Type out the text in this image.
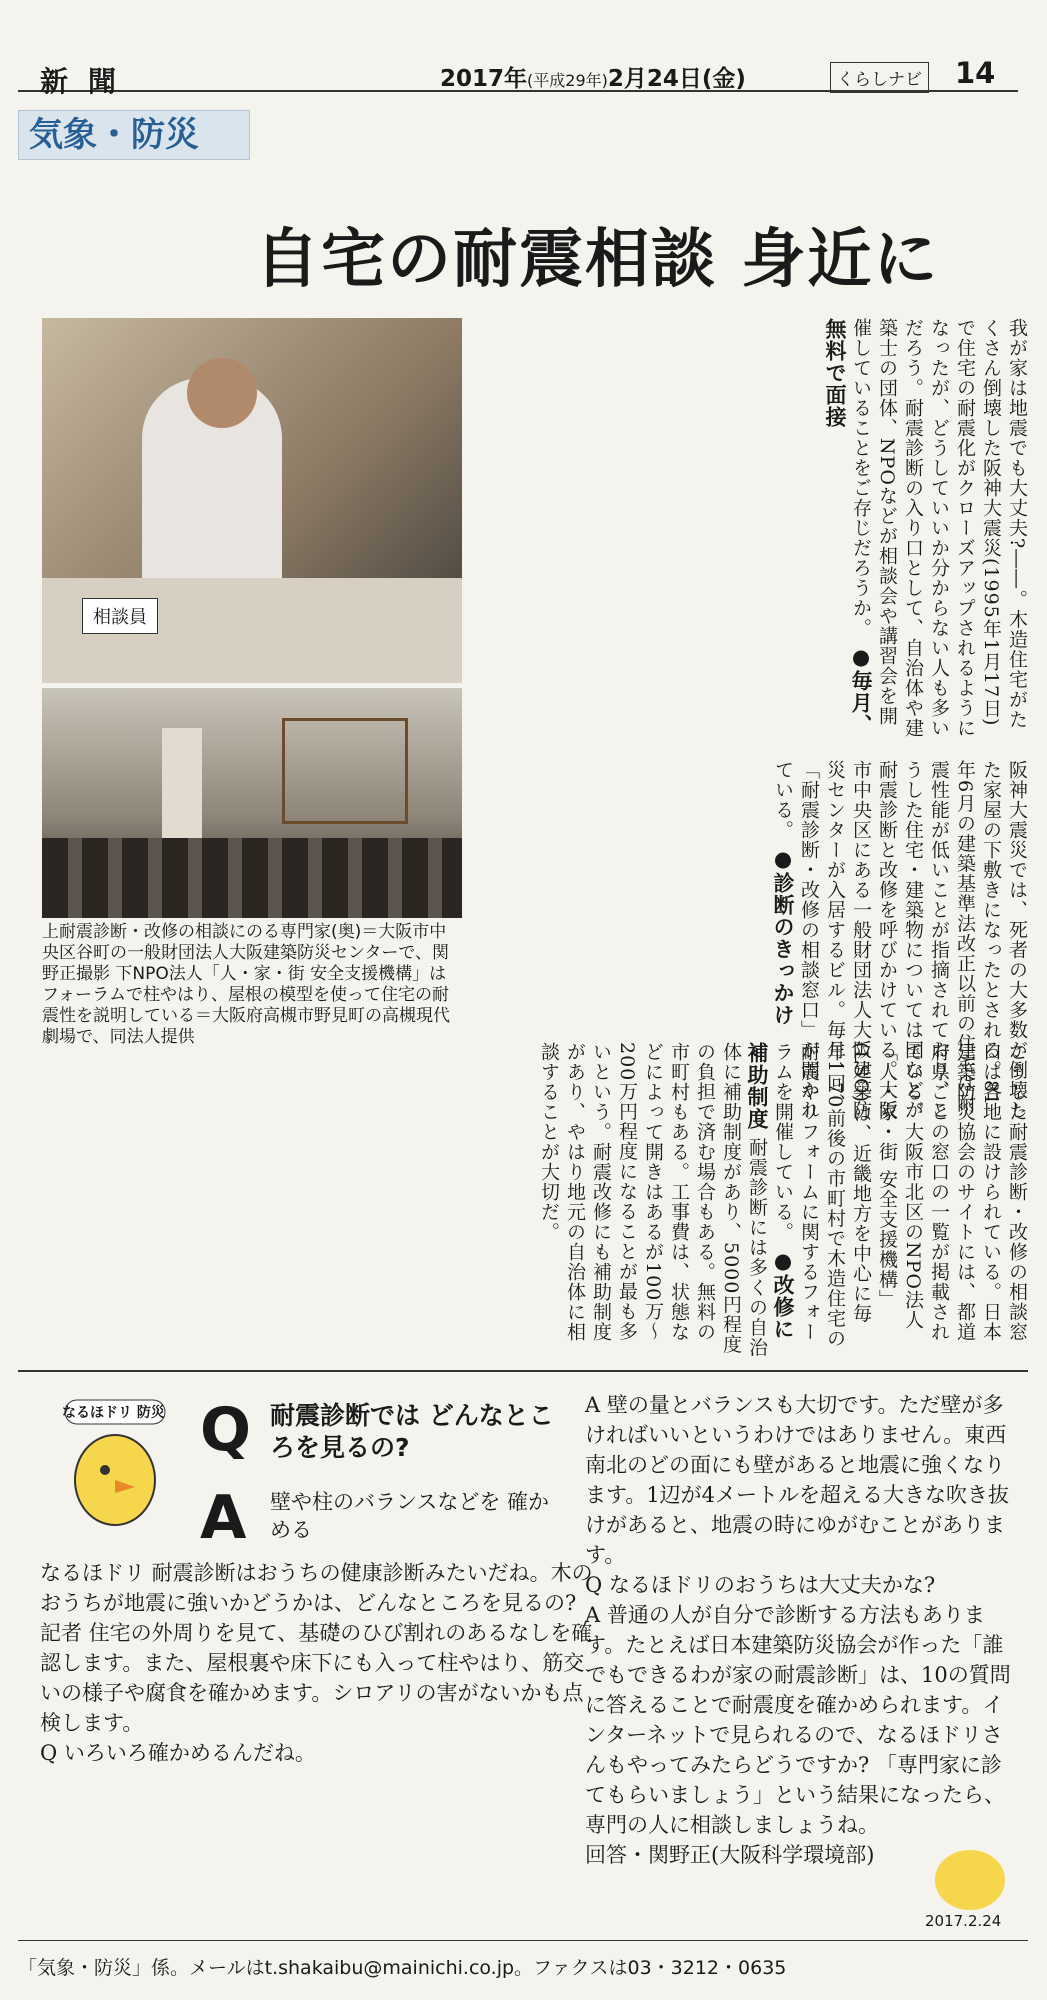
新聞	2017年(平成29年)2月24日(金)	くらしナビ 14
気象・防災
自宅の耐震相談 身近に
相談員
上耐震診断・改修の相談にのる専門家(奥)＝大阪市中央区谷町の一般財団法人大阪建築防災センターで、関野正撮影 下NPO法人「人・家・街 安全支援機構」はフォーラムで柱やはり、屋根の模型を使って住宅の耐震性を説明している＝大阪府高槻市野見町の高槻現代劇場で、同法人提供
我が家は地震でも大丈夫?――。木造住宅がたくさん倒壊した阪神大震災(1995年1月17日)で住宅の耐震化がクローズアップされるようになったが、どうしていいか分からない人も多いだろう。耐震診断の入り口として、自治体や建築士の団体、NPOなどが相談会や講習会を開催していることをご存じだろうか。 ●毎月、無料で面接
阪神大震災では、死者の大多数が倒壊した家屋の下敷きになったとされる。81年6月の建築基準法改正以前の住宅は耐震性能が低いことが指摘されており、こうした住宅・建築物については国などが耐震診断と改修を呼びかけている。大阪市中央区にある一般財団法人大阪建築防災センターが入居するビル。毎月1回、「耐震診断・改修の相談窓口」が開かれている。 ●診断のきっかけ
こうした耐震診断・改修の相談窓口は各地に設けられている。日本建築防災協会のサイトには、都道府県ごとの窓口の一覧が掲載されている。大阪市北区のNPO法人「人・家・街 安全支援機構」(LSO)は、近畿地方を中心に毎年、70前後の市町村で木造住宅の耐震やリフォームに関するフォーラムを開催している。 ●改修に補助制度 耐震診断には多くの自治体に補助制度があり、5000円程度の負担で済む場合もある。無料の市町村もある。工事費は、状態などによって開きはあるが100万～200万円程度になることが最も多いという。耐震改修にも補助制度があり、やはり地元の自治体に相談することが大切だ。
なるほドリ 防災 Q 耐震診断では どんなところを見るの?
A 壁や柱のバランスなどを 確かめる

なるほドリ 耐震診断はおうちの健康診断みたいだね。木のおうちが地震に強いかどうかは、どんなところを見るの?

記者 住宅の外周りを見て、基礎のひび割れのあるなしを確認します。また、屋根裏や床下にも入って柱やはり、筋交いの様子や腐食を確かめます。シロアリの害がないかも点検します。

Q いろいろ確かめるんだね。

A 壁の量とバランスも大切です。ただ壁が多ければいいというわけではありません。東西南北のどの面にも壁があると地震に強くなります。1辺が4メートルを超える大きな吹き抜けがあると、地震の時にゆがむことがあります。

Q なるほドリのおうちは大丈夫かな?

A 普通の人が自分で診断する方法もあります。たとえば日本建築防災協会が作った「誰でもできるわが家の耐震診断」は、10の質問に答えることで耐震度を確かめられます。インターネットで見られるので、なるほドリさんもやってみたらどうですか? 「専門家に診てもらいましょう」という結果になったら、専門の人に相談しましょうね。

回答・関野正(大阪科学環境部)

2017.2.24
「気象・防災」係。メールはt.shakaibu@mainichi.co.jp。ファクスは03・3212・0635
